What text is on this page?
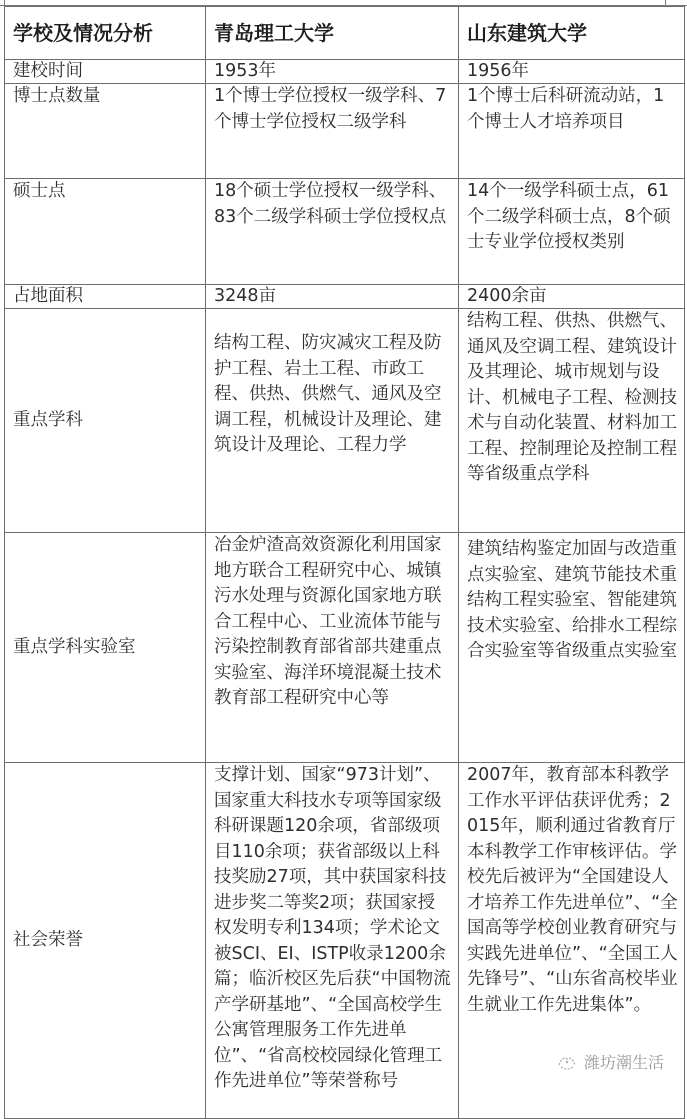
学校及情况分析	青岛理工大学	山东建筑大学
建校时间	1953年	1956年
博士点数量	1个博士学位授权一级学科、7个博士学位授权二级学科	1个博士后科研流动站，1个博士人才培养项目
硕士点	18个硕士学位授权一级学科、83个二级学科硕士学位授权点	14个一级学科硕士点，61个二级学科硕士点，8个硕士专业学位授权类别
占地面积	3248亩	2400余亩
重点学科	结构工程、防灾减灾工程及防护工程、岩土工程、市政工程、供热、供燃气、通风及空调工程，机械设计及理论、建筑设计及理论、工程力学	结构工程、供热、供燃气、通风及空调工程、建筑设计及其理论、城市规划与设计、机械电子工程、检测技术与自动化装置、材料加工工程、控制理论及控制工程等省级重点学科
重点学科实验室	冶金炉渣高效资源化利用国家地方联合工程研究中心、城镇污水处理与资源化国家地方联合工程中心、工业流体节能与污染控制教育部省部共建重点实验室、海洋环境混凝土技术教育部工程研究中心等	建筑结构鉴定加固与改造重点实验室、建筑节能技术重结构工程实验室、智能建筑技术实验室、给排水工程综合实验室等省级重点实验室
社会荣誉	支撑计划、国家“973计划”、国家重大科技水专项等国家级科研课题120余项，省部级项目110余项；获省部级以上科技奖励27项，其中获国家科技进步奖二等奖2项；获国家授权发明专利134项；学术论文被SCI、EI、ISTP收录1200余篇；临沂校区先后获“中国物流产学研基地”、“全国高校学生公寓管理服务工作先进单位”、“省高校校园绿化管理工作先进单位”等荣誉称号	2007年，教育部本科教学工作水平评估获评优秀；2015年，顺利通过省教育厅本科教学工作审核评估。学校先后被评为“全国建设人才培养工作先进单位”、“全国高等学校创业教育研究与实践先进单位”、“全国工人先锋号”、“山东省高校毕业生就业工作先进集体”。
潍坊潮生活
